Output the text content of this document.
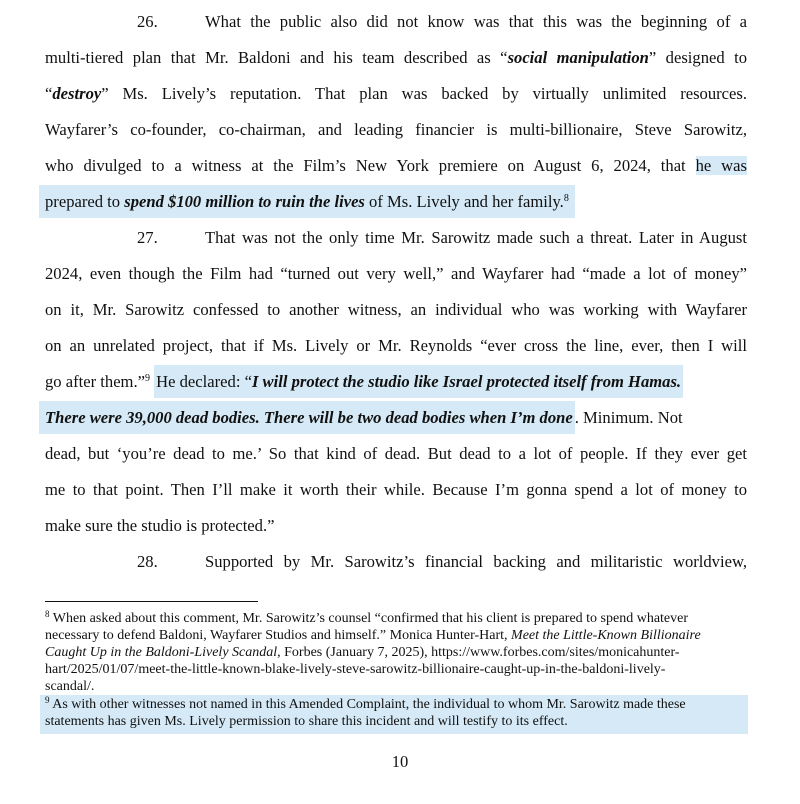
26.	What the public also did not know was that this was the beginning of a
multi-tiered plan that Mr. Baldoni and his team described as “social manipulation” designed to
“destroy” Ms. Lively’s reputation. That plan was backed by virtually unlimited resources.
Wayfarer’s co-founder, co-chairman, and leading financier is multi-billionaire, Steve Sarowitz,
who divulged to a witness at the Film’s New York premiere on August 6, 2024, that he was
prepared to spend $100 million to ruin the lives of Ms. Lively and her family.$^8$
27.	That was not the only time Mr. Sarowitz made such a threat. Later in August
2024, even though the Film had “turned out very well,” and Wayfarer had “made a lot of money”
on it, Mr. Sarowitz confessed to another witness, an individual who was working with Wayfarer
on an unrelated project, that if Ms. Lively or Mr. Reynolds “ever cross the line, ever, then I will
go after them.”$^9$ He declared: “I will protect the studio like Israel protected itself from Hamas.
There were 39,000 dead bodies. There will be two dead bodies when I’m done . Minimum. Not
dead, but ‘you’re dead to me.’ So that kind of dead. But dead to a lot of people. If they ever get
me to that point. Then I’ll make it worth their while. Because I’m gonna spend a lot of money to
make sure the studio is protected.”
28.	Supported by Mr. Sarowitz’s financial backing and militaristic worldview,
$^8$ When asked about this comment, Mr. Sarowitz’s counsel “confirmed that his client is prepared to spend whatever
necessary to defend Baldoni, Wayfarer Studios and himself.” Monica Hunter-Hart, Meet the Little-Known Billionaire
Caught Up in the Baldoni-Lively Scandal, Forbes (January 7, 2025), https://www.forbes.com/sites/monicahunter-
hart/2025/01/07/meet-the-little-known-blake-lively-steve-sarowitz-billionaire-caught-up-in-the-baldoni-lively-
scandal/.
$^9$ As with other witnesses not named in this Amended Complaint, the individual to whom Mr. Sarowitz made these
statements has given Ms. Lively permission to share this incident and will testify to its effect.
10
